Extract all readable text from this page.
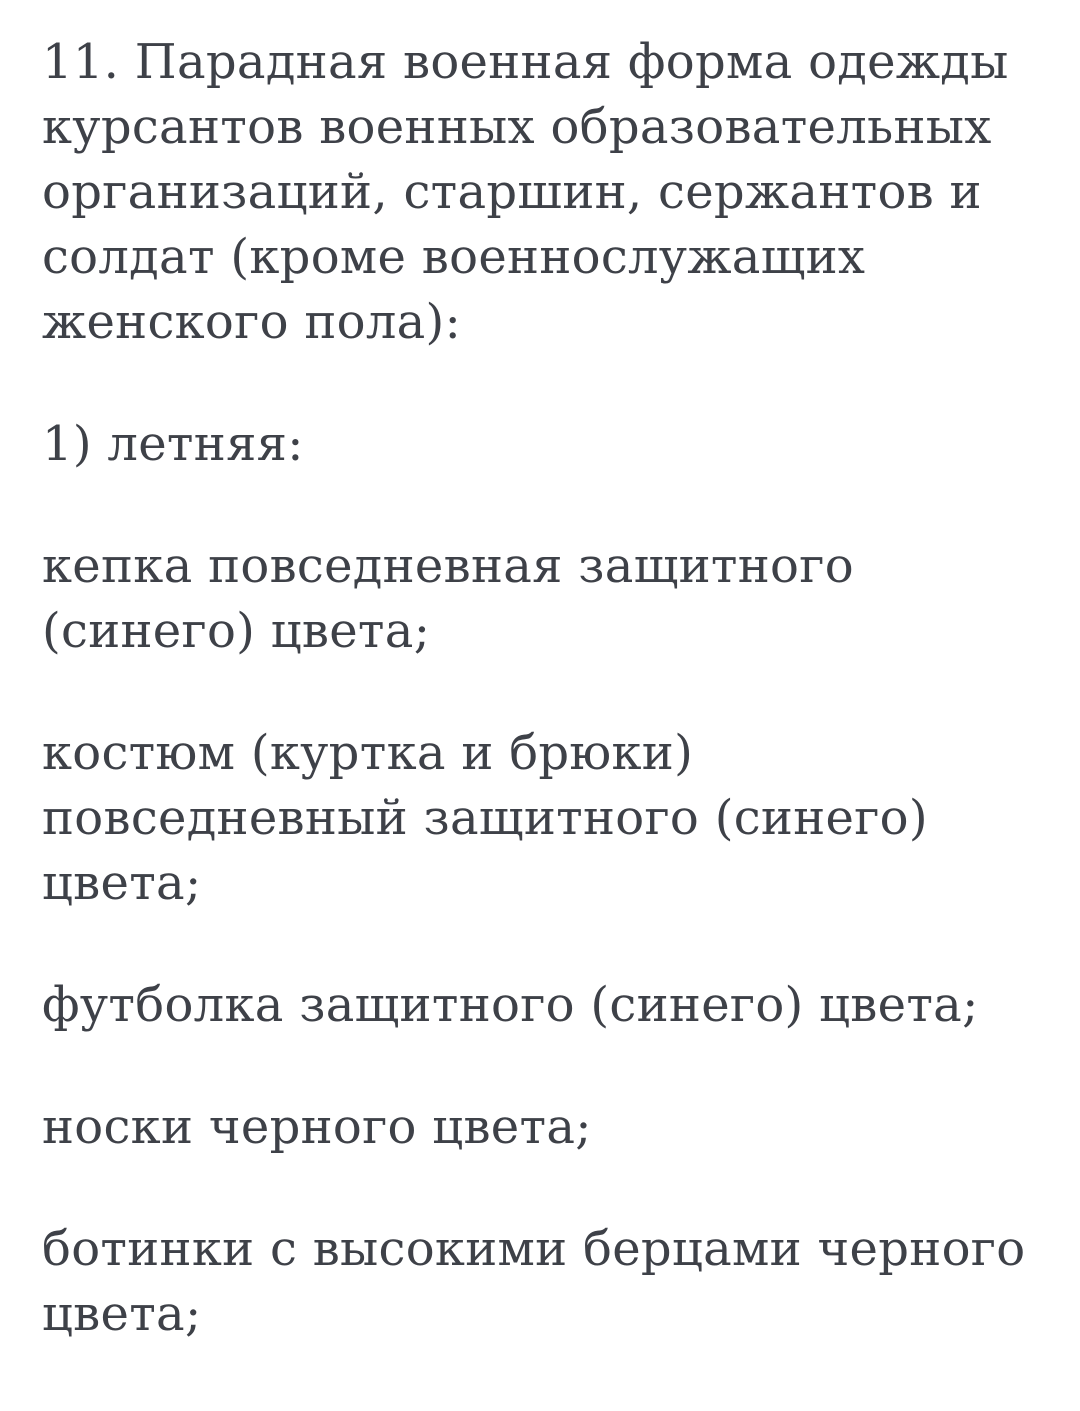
11. Парадная военная форма одежды
курсантов военных образовательных
организаций, старшин, сержантов и
солдат (кроме военнослужащих
женского пола):

1) летняя:

кепка повседневная защитного
(синего) цвета;

костюм (куртка и брюки)
повседневный защитного (синего)
цвета;

футболка защитного (синего) цвета;

носки черного цвета;

ботинки с высокими берцами черного
цвета;
